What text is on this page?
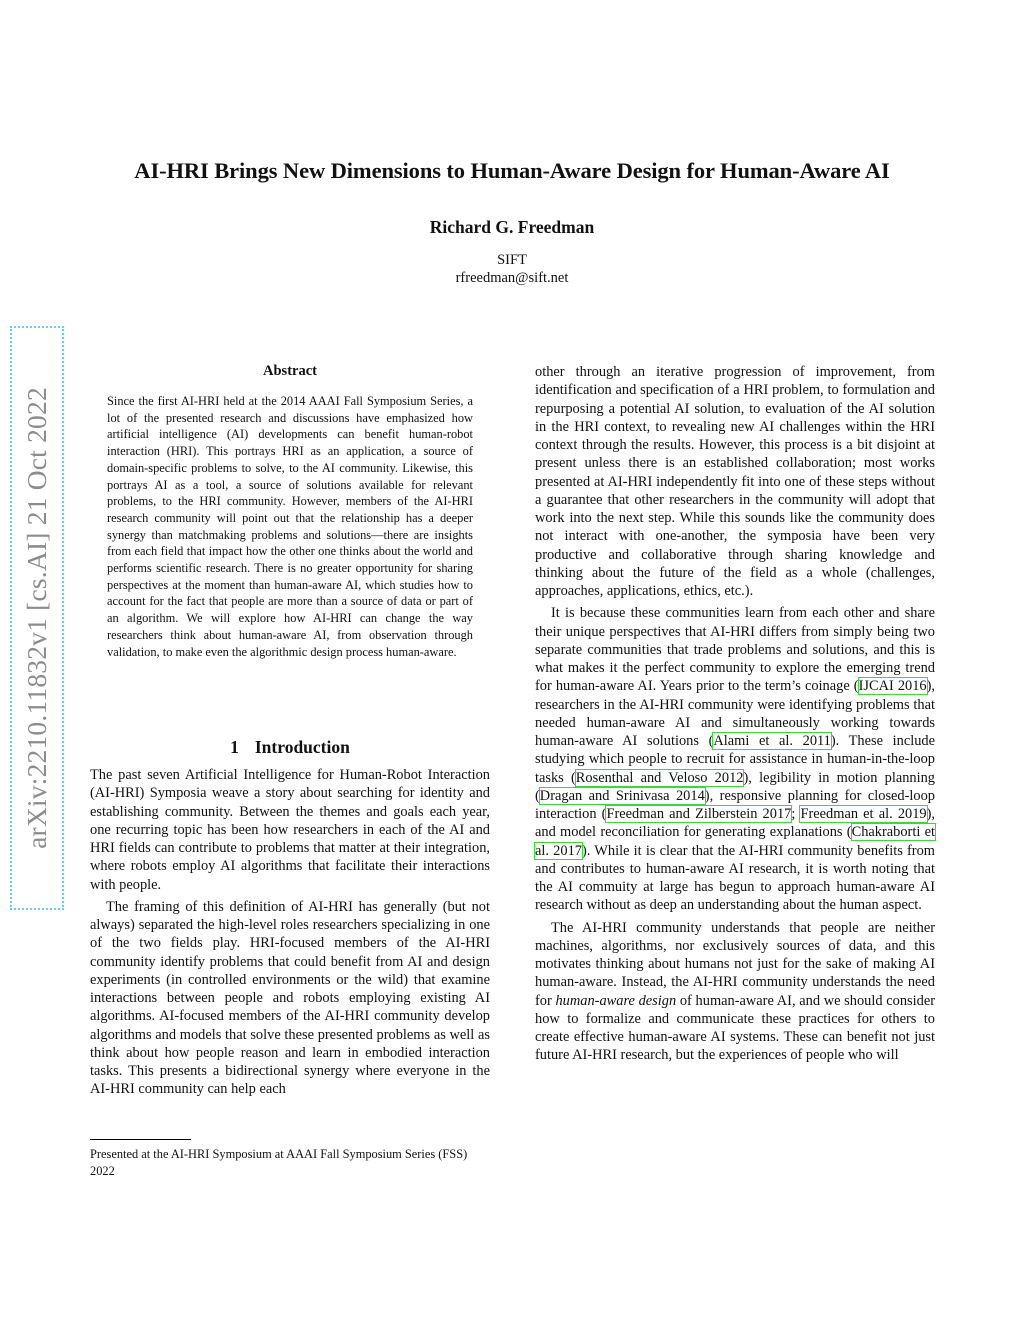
arXiv:2210.11832v1 [cs.AI] 21 Oct 2022
AI-HRI Brings New Dimensions to Human-Aware Design for Human-Aware AI
Richard G. Freedman
SIFT
rfreedman@sift.net
Abstract

Since the first AI-HRI held at the 2014 AAAI Fall Symposium Series, a lot of the presented research and discussions have emphasized how artificial intelligence (AI) developments can benefit human-robot interaction (HRI). This portrays HRI as an application, a source of domain-specific problems to solve, to the AI community. Likewise, this portrays AI as a tool, a source of solutions available for relevant problems, to the HRI community. However, members of the AI-HRI research community will point out that the relationship has a deeper synergy than matchmaking problems and solutions—there are insights from each field that impact how the other one thinks about the world and performs scientific research. There is no greater opportunity for sharing perspectives at the moment than human-aware AI, which studies how to account for the fact that people are more than a source of data or part of an algorithm. We will explore how AI-HRI can change the way researchers think about human-aware AI, from observation through validation, to make even the algorithmic design process human-aware.

1 Introduction

The past seven Artificial Intelligence for Human-Robot Interaction (AI-HRI) Symposia weave a story about searching for identity and establishing community. Between the themes and goals each year, one recurring topic has been how researchers in each of the AI and HRI fields can contribute to problems that matter at their integration, where robots employ AI algorithms that facilitate their interactions with people.

The framing of this definition of AI-HRI has generally (but not always) separated the high-level roles researchers specializing in one of the two fields play. HRI-focused members of the AI-HRI community identify problems that could benefit from AI and design experiments (in controlled environments or the wild) that examine interactions between people and robots employing existing AI algorithms. AI-focused members of the AI-HRI community develop algorithms and models that solve these presented problems as well as think about how people reason and learn in embodied interaction tasks. This presents a bidirectional synergy where everyone in the AI-HRI community can help each

Presented at the AI-HRI Symposium at AAAI Fall Symposium Series (FSS) 2022

other through an iterative progression of improvement, from identification and specification of a HRI problem, to formulation and repurposing a potential AI solution, to evaluation of the AI solution in the HRI context, to revealing new AI challenges within the HRI context through the results. However, this process is a bit disjoint at present unless there is an established collaboration; most works presented at AI-HRI independently fit into one of these steps without a guarantee that other researchers in the community will adopt that work into the next step. While this sounds like the community does not interact with one-another, the symposia have been very productive and collaborative through sharing knowledge and thinking about the future of the field as a whole (challenges, approaches, applications, ethics, etc.).

It is because these communities learn from each other and share their unique perspectives that AI-HRI differs from simply being two separate communities that trade problems and solutions, and this is what makes it the perfect community to explore the emerging trend for human-aware AI. Years prior to the term’s coinage (IJCAI 2016), researchers in the AI-HRI community were identifying problems that needed human-aware AI and simultaneously working towards human-aware AI solutions (Alami et al. 2011). These include studying which people to recruit for assistance in human-in-the-loop tasks (Rosenthal and Veloso 2012), legibility in motion planning (Dragan and Srinivasa 2014), responsive planning for closed-loop interaction (Freedman and Zilberstein 2017; Freedman et al. 2019), and model reconciliation for generating explanations (Chakraborti et al. 2017). While it is clear that the AI-HRI community benefits from and contributes to human-aware AI research, it is worth noting that the AI commuity at large has begun to approach human-aware AI research without as deep an understanding about the human aspect.

The AI-HRI community understands that people are neither machines, algorithms, nor exclusively sources of data, and this motivates thinking about humans not just for the sake of making AI human-aware. Instead, the AI-HRI community understands the need for human-aware design of human-aware AI, and we should consider how to formalize and communicate these practices for others to create effective human-aware AI systems. These can benefit not just future AI-HRI research, but the experiences of people who will
